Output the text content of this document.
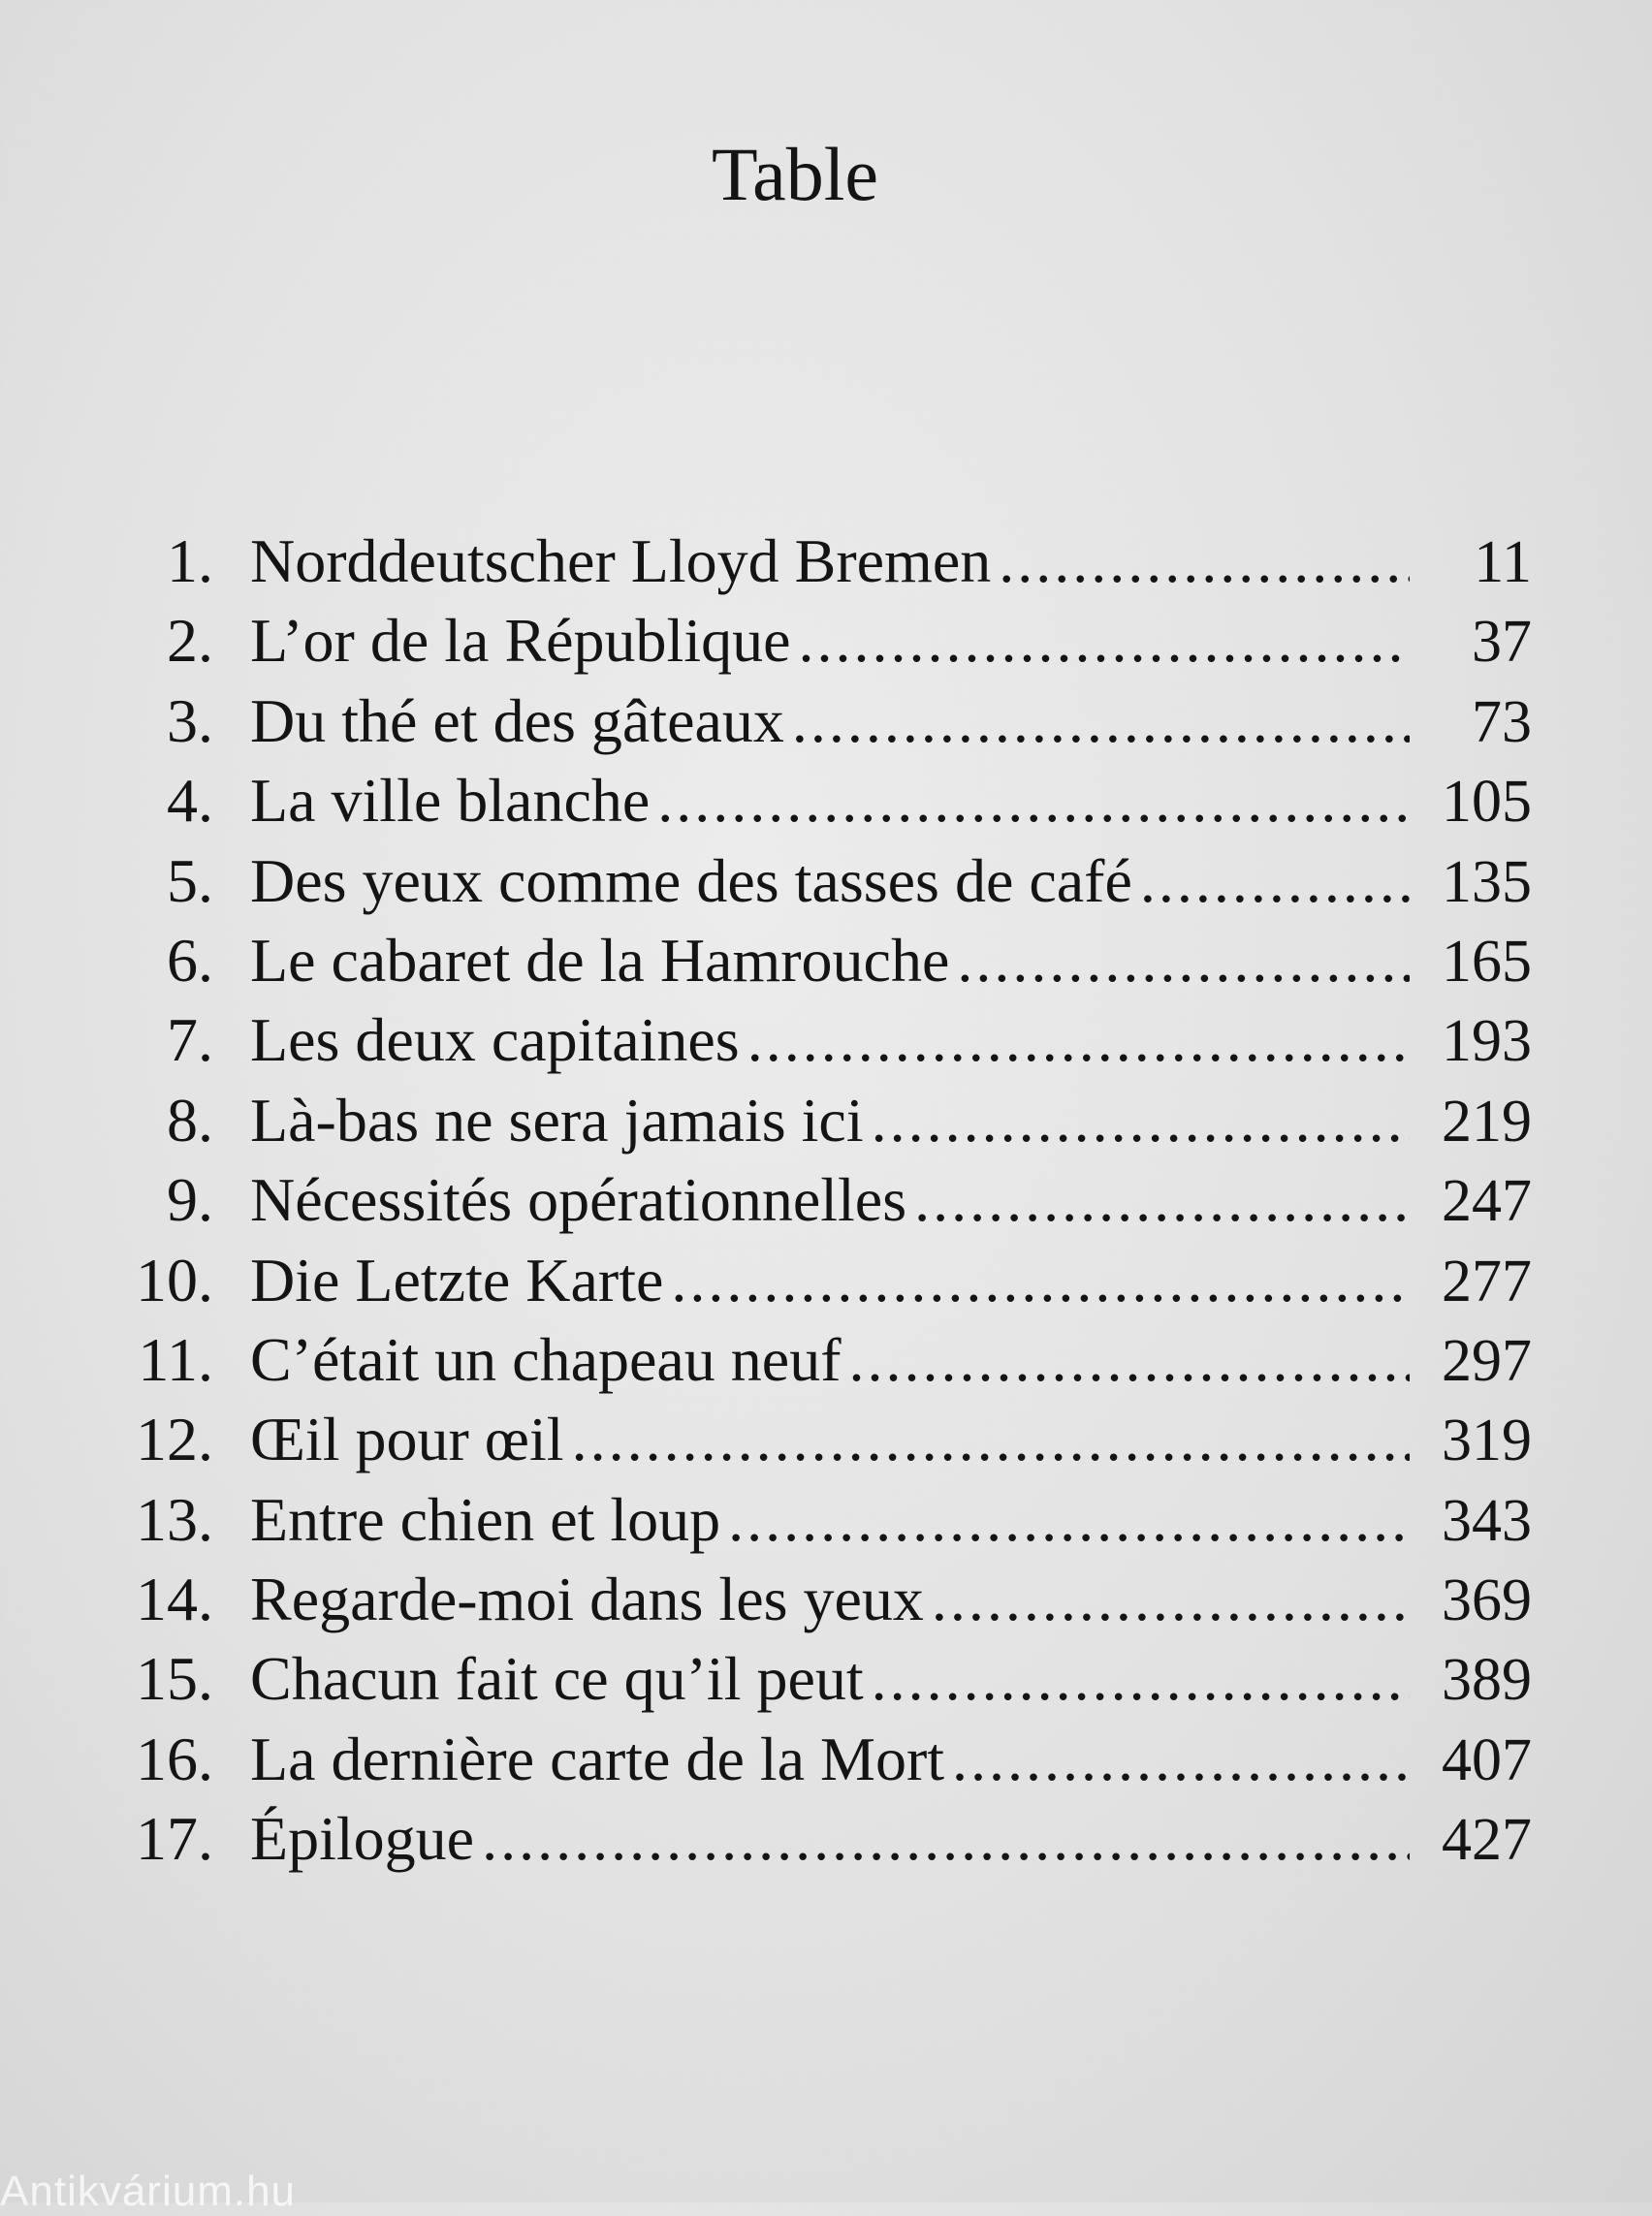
Table
1. Norddeutscher Lloyd Bremen .....	11
2. L’or de la République .....	37
3. Du thé et des gâteaux .....	73
4. La ville blanche .....	105
5. Des yeux comme des tasses de café .....	135
6. Le cabaret de la Hamrouche .....	165
7. Les deux capitaines .....	193
8. Là-bas ne sera jamais ici .....	219
9. Nécessités opérationnelles .....	247
10. Die Letzte Karte .....	277
11. C’était un chapeau neuf .....	297
12. Œil pour œil .....	319
13. Entre chien et loup .....	343
14. Regarde-moi dans les yeux .....	369
15. Chacun fait ce qu’il peut .....	389
16. La dernière carte de la Mort .....	407
17. Épilogue .....	427
Antikvárium.hu
